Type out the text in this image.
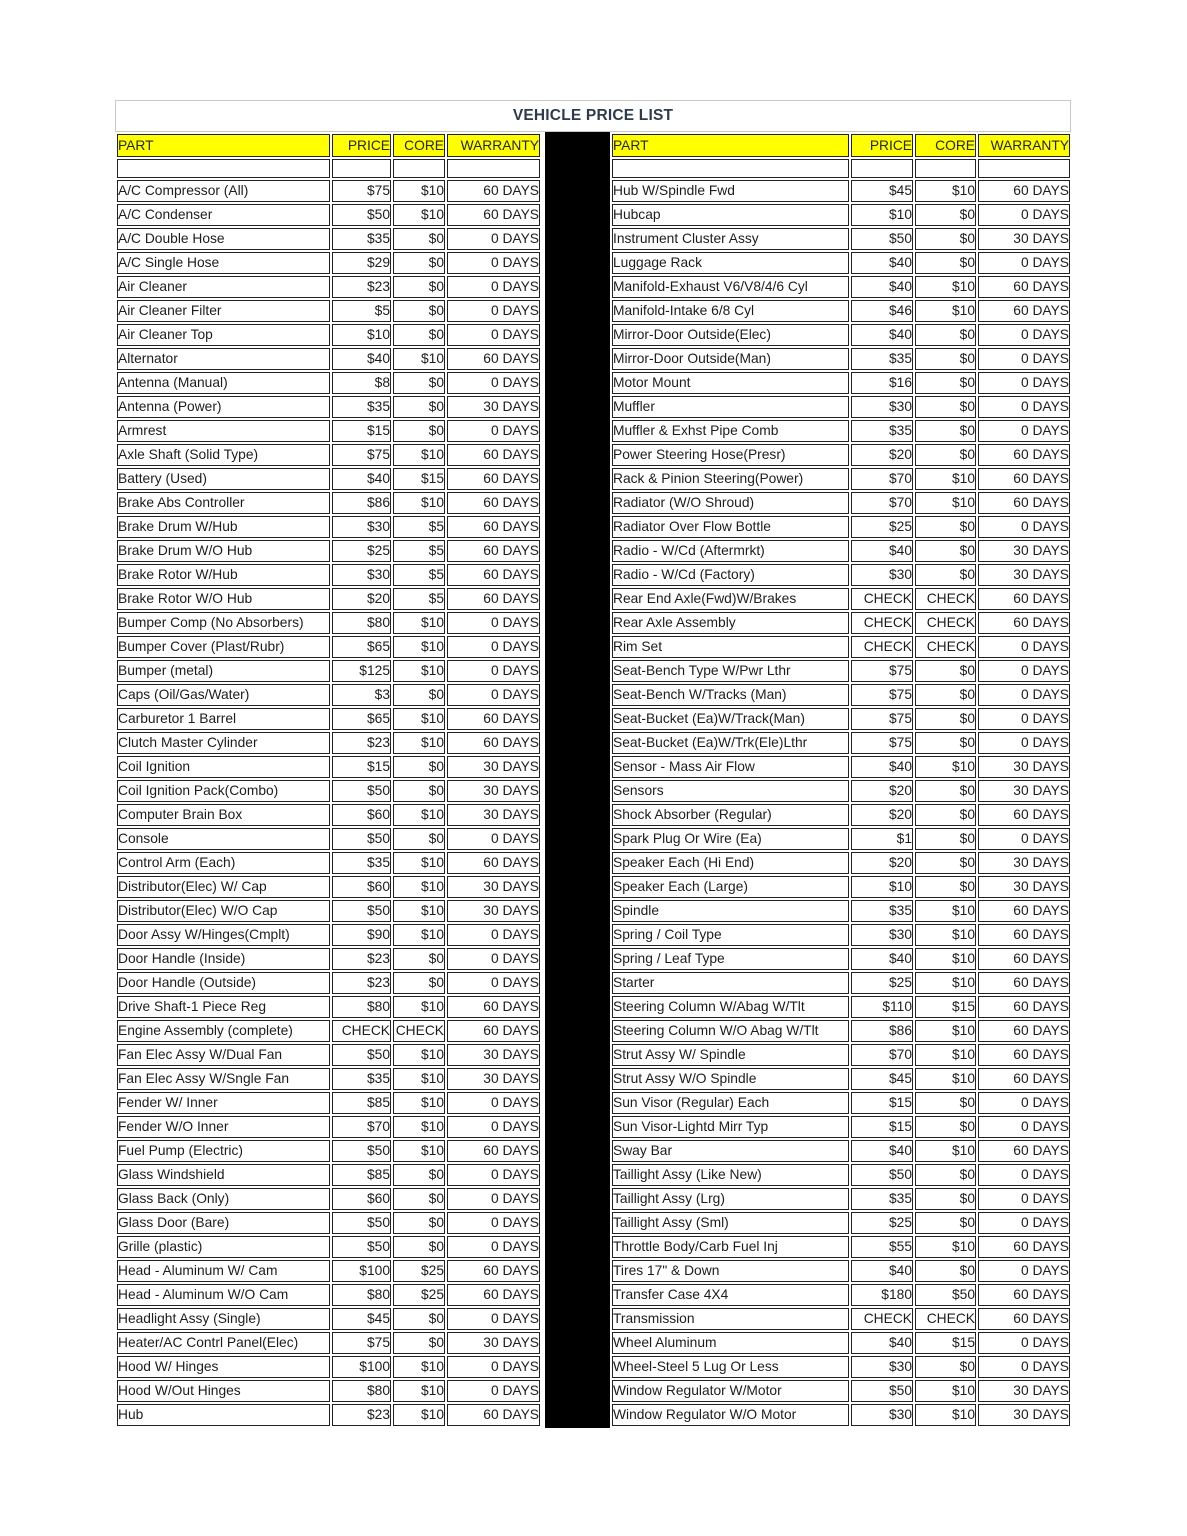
VEHICLE PRICE LIST
PART	PRICE	CORE	WARRANTY

A/C Compressor (All)	$75	$10	60 DAYS
A/C Condenser	$50	$10	60 DAYS
A/C Double Hose	$35	$0	0 DAYS
A/C Single Hose	$29	$0	0 DAYS
Air Cleaner	$23	$0	0 DAYS
Air Cleaner Filter	$5	$0	0 DAYS
Air Cleaner Top	$10	$0	0 DAYS
Alternator	$40	$10	60 DAYS
Antenna (Manual)	$8	$0	0 DAYS
Antenna (Power)	$35	$0	30 DAYS
Armrest	$15	$0	0 DAYS
Axle Shaft (Solid Type)	$75	$10	60 DAYS
Battery (Used)	$40	$15	60 DAYS
Brake Abs Controller	$86	$10	60 DAYS
Brake Drum W/Hub	$30	$5	60 DAYS
Brake Drum W/O Hub	$25	$5	60 DAYS
Brake Rotor W/Hub	$30	$5	60 DAYS
Brake Rotor W/O Hub	$20	$5	60 DAYS
Bumper Comp (No Absorbers)	$80	$10	0 DAYS
Bumper Cover (Plast/Rubr)	$65	$10	0 DAYS
Bumper (metal)	$125	$10	0 DAYS
Caps (Oil/Gas/Water)	$3	$0	0 DAYS
Carburetor 1 Barrel	$65	$10	60 DAYS
Clutch Master Cylinder	$23	$10	60 DAYS
Coil Ignition	$15	$0	30 DAYS
Coil Ignition Pack(Combo)	$50	$0	30 DAYS
Computer Brain Box	$60	$10	30 DAYS
Console	$50	$0	0 DAYS
Control Arm (Each)	$35	$10	60 DAYS
Distributor(Elec) W/ Cap	$60	$10	30 DAYS
Distributor(Elec) W/O Cap	$50	$10	30 DAYS
Door Assy W/Hinges(Cmplt)	$90	$10	0 DAYS
Door Handle (Inside)	$23	$0	0 DAYS
Door Handle (Outside)	$23	$0	0 DAYS
Drive Shaft-1 Piece Reg	$80	$10	60 DAYS
Engine Assembly (complete)	CHECK	CHECK	60 DAYS
Fan Elec Assy W/Dual Fan	$50	$10	30 DAYS
Fan Elec Assy W/Sngle Fan	$35	$10	30 DAYS
Fender W/ Inner	$85	$10	0 DAYS
Fender W/O Inner	$70	$10	0 DAYS
Fuel Pump (Electric)	$50	$10	60 DAYS
Glass Windshield	$85	$0	0 DAYS
Glass Back (Only)	$60	$0	0 DAYS
Glass Door (Bare)	$50	$0	0 DAYS
Grille (plastic)	$50	$0	0 DAYS
Head - Aluminum W/ Cam	$100	$25	60 DAYS
Head - Aluminum W/O Cam	$80	$25	60 DAYS
Headlight Assy (Single)	$45	$0	0 DAYS
Heater/AC Contrl Panel(Elec)	$75	$0	30 DAYS
Hood W/ Hinges	$100	$10	0 DAYS
Hood W/Out Hinges	$80	$10	0 DAYS
Hub	$23	$10	60 DAYS
PART	PRICE	CORE	WARRANTY

Hub W/Spindle Fwd	$45	$10	60 DAYS
Hubcap	$10	$0	0 DAYS
Instrument Cluster Assy	$50	$0	30 DAYS
Luggage Rack	$40	$0	0 DAYS
Manifold-Exhaust V6/V8/4/6 Cyl	$40	$10	60 DAYS
Manifold-Intake 6/8 Cyl	$46	$10	60 DAYS
Mirror-Door Outside(Elec)	$40	$0	0 DAYS
Mirror-Door Outside(Man)	$35	$0	0 DAYS
Motor Mount	$16	$0	0 DAYS
Muffler	$30	$0	0 DAYS
Muffler & Exhst Pipe Comb	$35	$0	0 DAYS
Power Steering Hose(Presr)	$20	$0	60 DAYS
Rack & Pinion Steering(Power)	$70	$10	60 DAYS
Radiator (W/O Shroud)	$70	$10	60 DAYS
Radiator Over Flow Bottle	$25	$0	0 DAYS
Radio - W/Cd (Aftermrkt)	$40	$0	30 DAYS
Radio - W/Cd (Factory)	$30	$0	30 DAYS
Rear End Axle(Fwd)W/Brakes	CHECK	CHECK	60 DAYS
Rear Axle Assembly	CHECK	CHECK	60 DAYS
Rim Set	CHECK	CHECK	0 DAYS
Seat-Bench Type W/Pwr Lthr	$75	$0	0 DAYS
Seat-Bench W/Tracks (Man)	$75	$0	0 DAYS
Seat-Bucket (Ea)W/Track(Man)	$75	$0	0 DAYS
Seat-Bucket (Ea)W/Trk(Ele)Lthr	$75	$0	0 DAYS
Sensor - Mass Air Flow	$40	$10	30 DAYS
Sensors	$20	$0	30 DAYS
Shock Absorber (Regular)	$20	$0	60 DAYS
Spark Plug Or Wire (Ea)	$1	$0	0 DAYS
Speaker Each (Hi End)	$20	$0	30 DAYS
Speaker Each (Large)	$10	$0	30 DAYS
Spindle	$35	$10	60 DAYS
Spring / Coil Type	$30	$10	60 DAYS
Spring / Leaf Type	$40	$10	60 DAYS
Starter	$25	$10	60 DAYS
Steering Column W/Abag W/Tlt	$110	$15	60 DAYS
Steering Column W/O Abag W/Tlt	$86	$10	60 DAYS
Strut Assy W/ Spindle	$70	$10	60 DAYS
Strut Assy W/O Spindle	$45	$10	60 DAYS
Sun Visor (Regular) Each	$15	$0	0 DAYS
Sun Visor-Lightd Mirr Typ	$15	$0	0 DAYS
Sway Bar	$40	$10	60 DAYS
Taillight Assy (Like New)	$50	$0	0 DAYS
Taillight Assy (Lrg)	$35	$0	0 DAYS
Taillight Assy (Sml)	$25	$0	0 DAYS
Throttle Body/Carb Fuel Inj	$55	$10	60 DAYS
Tires 17" & Down	$40	$0	0 DAYS
Transfer Case 4X4	$180	$50	60 DAYS
Transmission	CHECK	CHECK	60 DAYS
Wheel Aluminum	$40	$15	0 DAYS
Wheel-Steel 5 Lug Or Less	$30	$0	0 DAYS
Window Regulator W/Motor	$50	$10	30 DAYS
Window Regulator W/O Motor	$30	$10	30 DAYS
